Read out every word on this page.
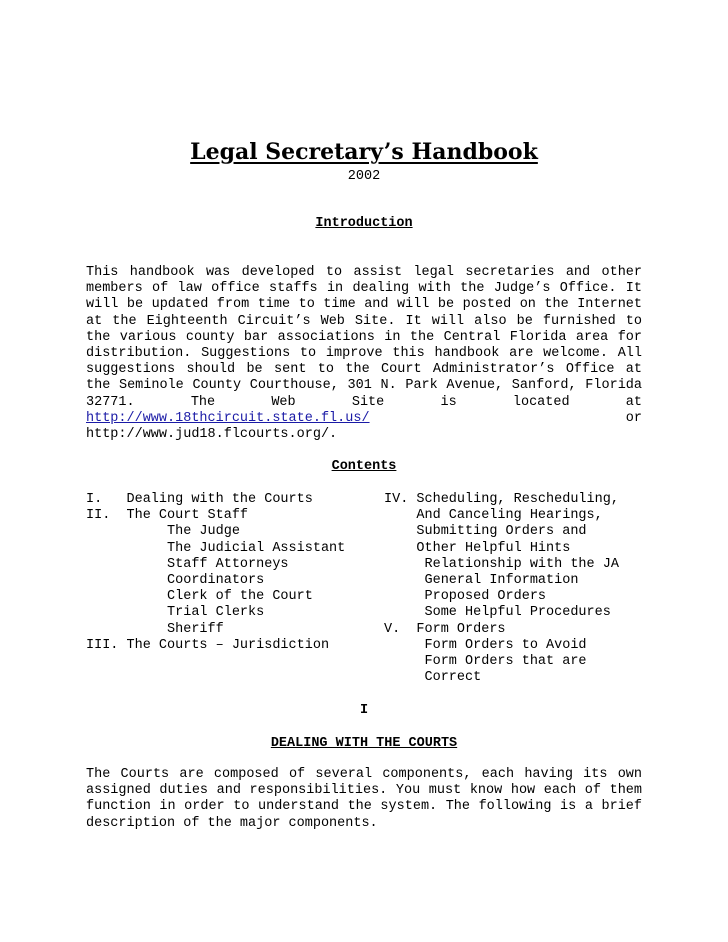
Legal Secretary’s Handbook
2002
Introduction

This handbook was developed to assist legal secretaries and other members of law office staffs in dealing with the Judge’s Office. It will be updated from time to time and will be posted on the Internet at the Eighteenth Circuit’s Web Site. It will also be furnished to the various county bar associations in the Central Florida area for distribution. Suggestions to improve this handbook are welcome. All suggestions should be sent to the Court Administrator’s Office at the Seminole County Courthouse, 301 N. Park Avenue, Sanford, Florida 32771. The Web Site is located at http://www.18thcircuit.state.fl.us/ or http://www.jud18.flcourts.org/.

Contents
I.   Dealing with the Courts
II.  The Court Staff
The Judge
The Judicial Assistant
Staff Attorneys
Coordinators
Clerk of the Court
Trial Clerks
Sheriff
III. The Courts – Jurisdiction
IV. Scheduling, Rescheduling,
And Canceling Hearings,
Submitting Orders and
Other Helpful Hints
Relationship with the JA
General Information
Proposed Orders
Some Helpful Procedures
V.  Form Orders
Form Orders to Avoid
Form Orders that are
Correct
I
DEALING WITH THE COURTS

The Courts are composed of several components, each having its own assigned duties and responsibilities. You must know how each of them function in order to understand the system. The following is a brief description of the major components.
